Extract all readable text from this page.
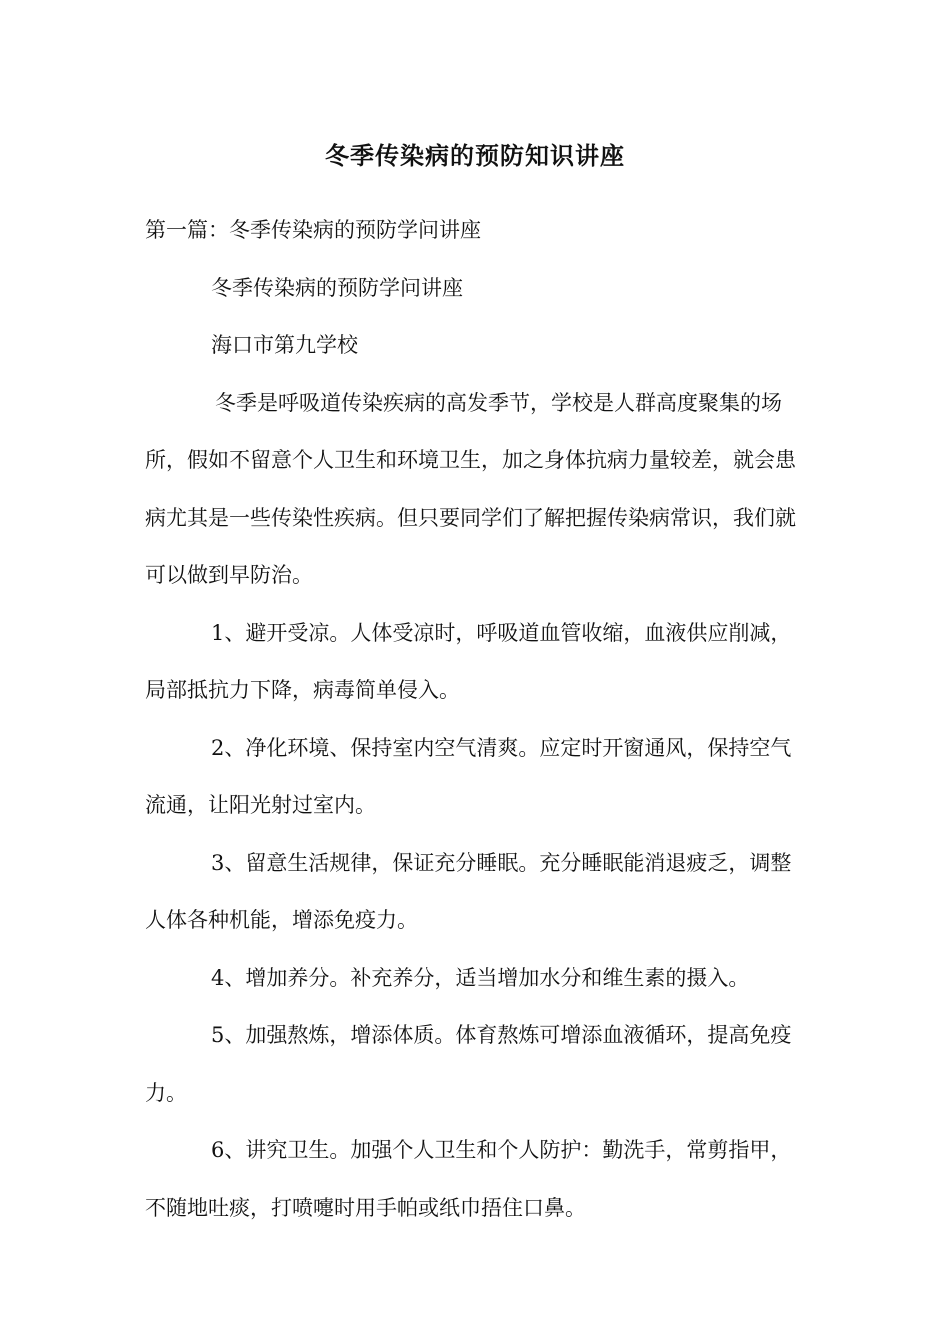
冬季传染病的预防知识讲座

第一篇：冬季传染病的预防学问讲座

冬季传染病的预防学问讲座

海口市第九学校

冬季是呼吸道传染疾病的高发季节，学校是人群高度聚集的场所，假如不留意个人卫生和环境卫生，加之身体抗病力量较差，就会患病尤其是一些传染性疾病。但只要同学们了解把握传染病常识，我们就可以做到早防治。

1、避开受凉。人体受凉时，呼吸道血管收缩，血液供应削减，局部抵抗力下降，病毒简单侵入。

2、净化环境、保持室内空气清爽。应定时开窗通风，保持空气流通，让阳光射过室内。

3、留意生活规律，保证充分睡眠。充分睡眠能消退疲乏，调整人体各种机能，增添免疫力。

4、增加养分。补充养分，适当增加水分和维生素的摄入。

5、加强熬炼，增添体质。体育熬炼可增添血液循环，提高免疫力。

6、讲究卫生。加强个人卫生和个人防护：勤洗手，常剪指甲，不随地吐痰，打喷嚏时用手帕或纸巾捂住口鼻。
